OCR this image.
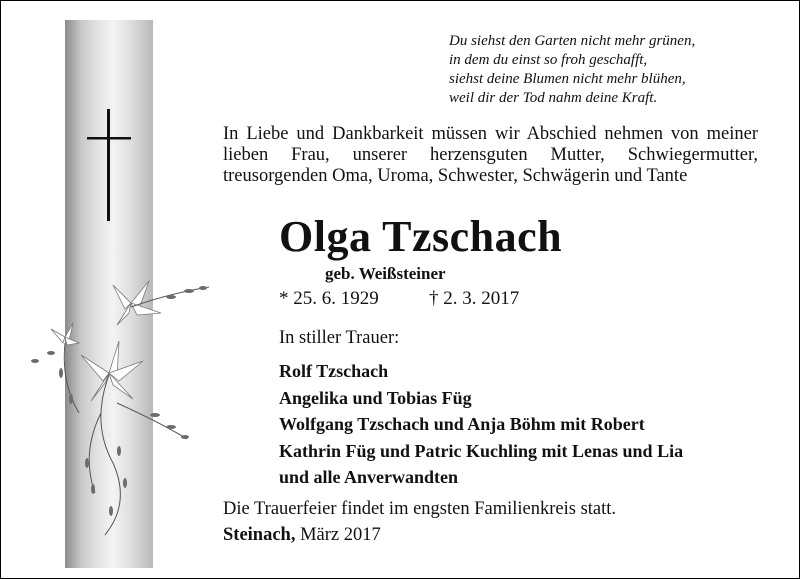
Du siehst den Garten nicht mehr grünen,
in dem du einst so froh geschafft,
siehst deine Blumen nicht mehr blühen,
weil dir der Tod nahm deine Kraft.
In Liebe und Dankbarkeit müssen wir Abschied nehmen von meiner
lieben Frau, unserer herzensguten Mutter, Schwiegermutter,
treusorgenden Oma, Uroma, Schwester, Schwägerin und Tante
Olga Tzschach
geb. Weißsteiner
* 25. 6. 1929	† 2. 3. 2017
In stiller Trauer:
Rolf Tzschach
Angelika und Tobias Füg
Wolfgang Tzschach und Anja Böhm mit Robert
Kathrin Füg und Patric Kuchling mit Lenas und Lia
und alle Anverwandten
Die Trauerfeier findet im engsten Familienkreis statt.
Steinach, März 2017
